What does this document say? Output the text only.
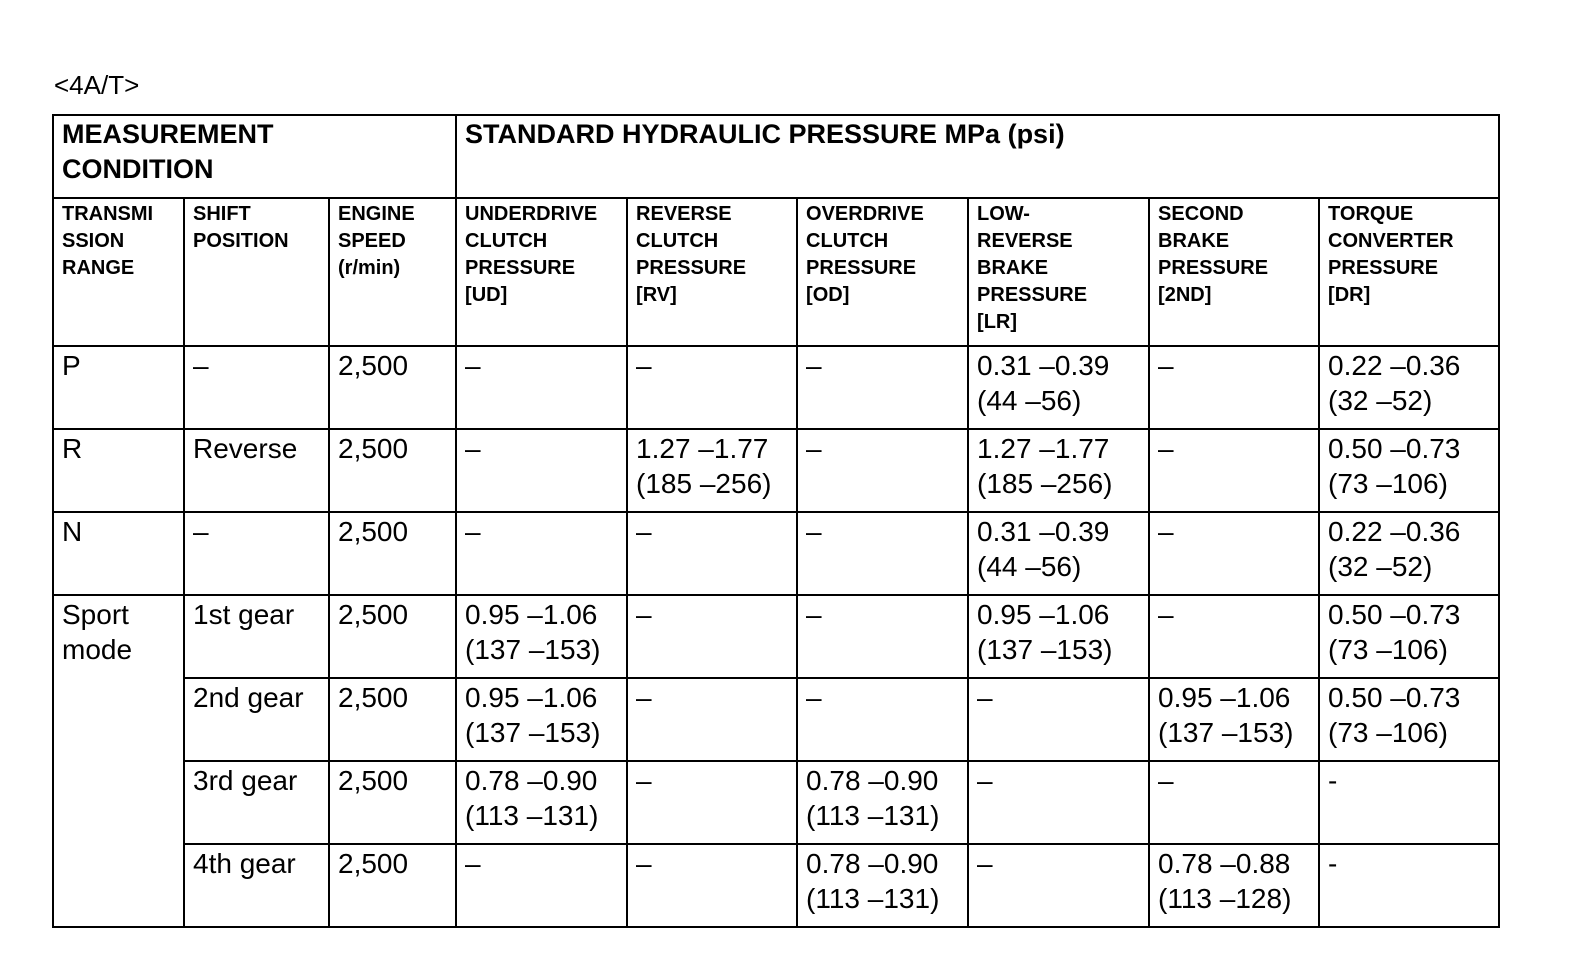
<4A/T>
MEASUREMENT
CONDITION			STANDARD HYDRAULIC PRESSURE MPa (psi)					

TRANSMI
SSION
RANGE	SHIFT
POSITION	ENGINE
SPEED
(r/min)	UNDERDRIVE
CLUTCH
PRESSURE
[UD]	REVERSE
CLUTCH
PRESSURE
[RV]	OVERDRIVE
CLUTCH
PRESSURE
[OD]	LOW-
REVERSE
BRAKE
PRESSURE
[LR]	SECOND
BRAKE
PRESSURE
[2ND]	TORQUE
CONVERTER
PRESSURE
[DR]

P	–	2,500	–	–	–	0.31 –0.39
(44 –56)	–	0.22 –0.36
(32 –52)

R	Reverse	2,500	–	1.27 –1.77
(185 –256)	–	1.27 –1.77
(185 –256)	–	0.50 –0.73
(73 –106)

N	–	2,500	–	–	–	0.31 –0.39
(44 –56)	–	0.22 –0.36
(32 –52)

Sport
mode	1st gear	2,500	0.95 –1.06
(137 –153)	–	–	0.95 –1.06
(137 –153)	–	0.50 –0.73
(73 –106)

	2nd gear	2,500	0.95 –1.06
(137 –153)	–	–	–	0.95 –1.06
(137 –153)	0.50 –0.73
(73 –106)

	3rd gear	2,500	0.78 –0.90
(113 –131)	–	0.78 –0.90
(113 –131)	–	–	-

	4th gear	2,500	–	–	0.78 –0.90
(113 –131)	–	0.78 –0.88
(113 –128)	-
